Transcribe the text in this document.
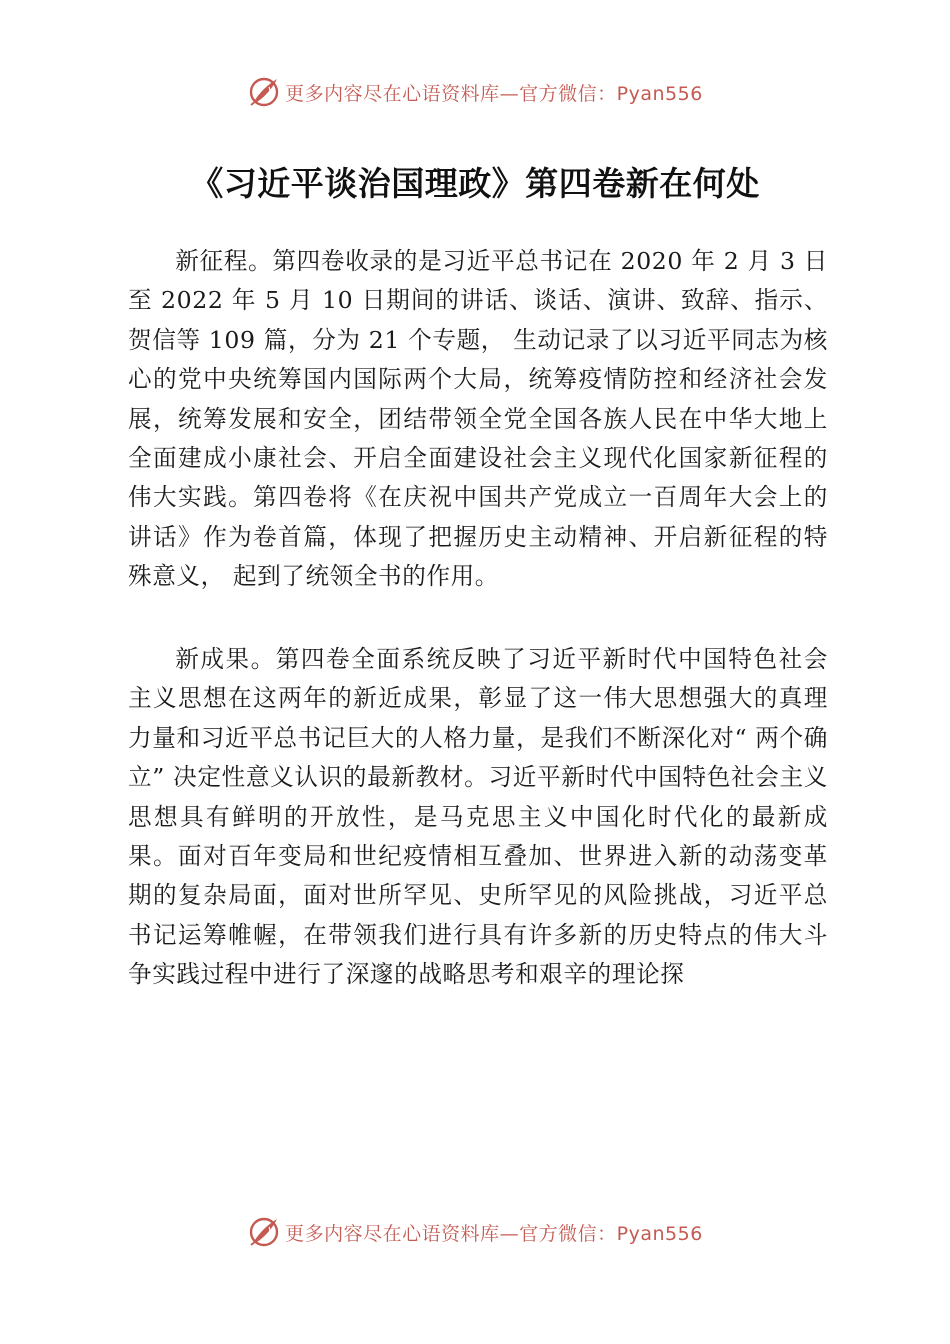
更多内容尽在心语资料库—官方微信：Pyan556
《习近平谈治国理政》第四卷新在何处

新征程。第四卷收录的是习近平总书记在 2020 年 2 月 3 日至 2022 年 5 月 10 日期间的讲话、谈话、演讲、致辞、指示、贺信等 109 篇，分为 21 个专题， 生动记录了以习近平同志为核心的党中央统筹国内国际两个大局，统筹疫情防控和经济社会发展，统筹发展和安全，团结带领全党全国各族人民在中华大地上全面建成小康社会、开启全面建设社会主义现代化国家新征程的伟大实践。第四卷将《在庆祝中国共产党成立一百周年大会上的讲话》作为卷首篇，体现了把握历史主动精神、开启新征程的特殊意义， 起到了统领全书的作用。

新成果。第四卷全面系统反映了习近平新时代中国特色社会主义思想在这两年的新近成果，彰显了这一伟大思想强大的真理力量和习近平总书记巨大的人格力量，是我们不断深化对“ 两个确立” 决定性意义认识的最新教材。习近平新时代中国特色社会主义思想具有鲜明的开放性，是马克思主义中国化时代化的最新成果。面对百年变局和世纪疫情相互叠加、世界进入新的动荡变革期的复杂局面，面对世所罕见、史所罕见的风险挑战，习近平总书记运筹帷幄，在带领我们进行具有许多新的历史特点的伟大斗争实践过程中进行了深邃的战略思考和艰辛的理论探

更多内容尽在心语资料库—官方微信：Pyan556
